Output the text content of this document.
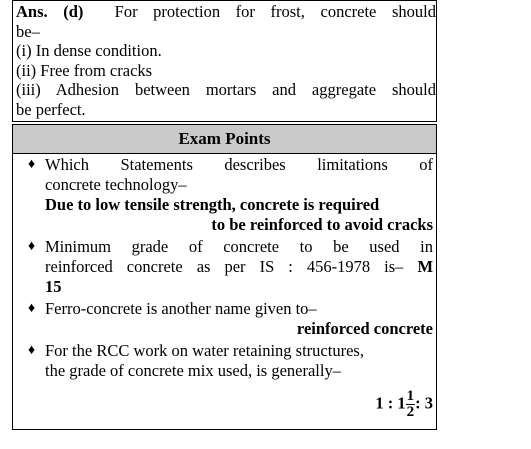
Ans. (d) For protection for frost, concrete should
be–
(i) In dense condition.
(ii) Free from cracks
(iii) Adhesion between mortars and aggregate should
be perfect.
Exam Points
♦ Which Statements describes limitations of
concrete technology–
Due to low tensile strength, concrete is required
to be reinforced to avoid cracks
♦ Minimum grade of concrete to be used in
reinforced concrete as per IS : 456-1978 is– M
15
♦ Ferro-concrete is another name given to–
reinforced concrete
♦ For the RCC work on water retaining structures,
the grade of concrete mix used, is generally–
1 : $1 \frac{1}{2}$ : 3
